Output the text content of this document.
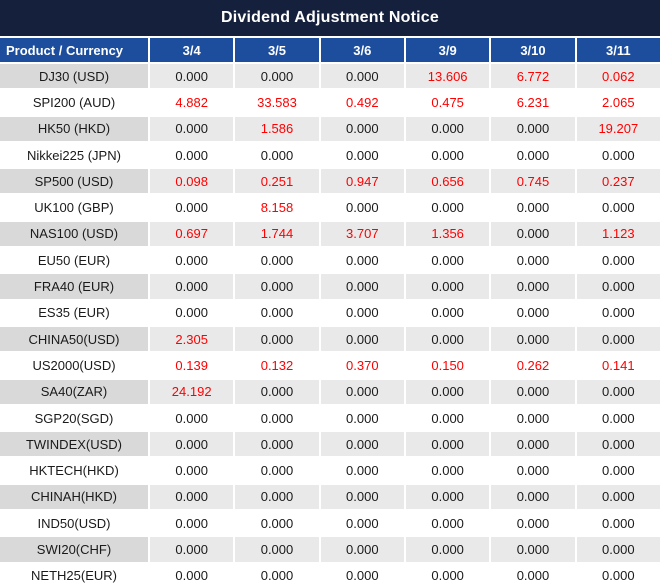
Dividend Adjustment Notice
Product / Currency	3/4	3/5	3/6	3/9	3/10	3/11
DJ30 (USD)	0.000	0.000	0.000	13.606	6.772	0.062
SPI200 (AUD)	4.882	33.583	0.492	0.475	6.231	2.065
HK50 (HKD)	0.000	1.586	0.000	0.000	0.000	19.207
Nikkei225 (JPN)	0.000	0.000	0.000	0.000	0.000	0.000
SP500 (USD)	0.098	0.251	0.947	0.656	0.745	0.237
UK100 (GBP)	0.000	8.158	0.000	0.000	0.000	0.000
NAS100 (USD)	0.697	1.744	3.707	1.356	0.000	1.123
EU50 (EUR)	0.000	0.000	0.000	0.000	0.000	0.000
FRA40 (EUR)	0.000	0.000	0.000	0.000	0.000	0.000
ES35 (EUR)	0.000	0.000	0.000	0.000	0.000	0.000
CHINA50(USD)	2.305	0.000	0.000	0.000	0.000	0.000
US2000(USD)	0.139	0.132	0.370	0.150	0.262	0.141
SA40(ZAR)	24.192	0.000	0.000	0.000	0.000	0.000
SGP20(SGD)	0.000	0.000	0.000	0.000	0.000	0.000
TWINDEX(USD)	0.000	0.000	0.000	0.000	0.000	0.000
HKTECH(HKD)	0.000	0.000	0.000	0.000	0.000	0.000
CHINAH(HKD)	0.000	0.000	0.000	0.000	0.000	0.000
IND50(USD)	0.000	0.000	0.000	0.000	0.000	0.000
SWI20(CHF)	0.000	0.000	0.000	0.000	0.000	0.000
NETH25(EUR)	0.000	0.000	0.000	0.000	0.000	0.000
